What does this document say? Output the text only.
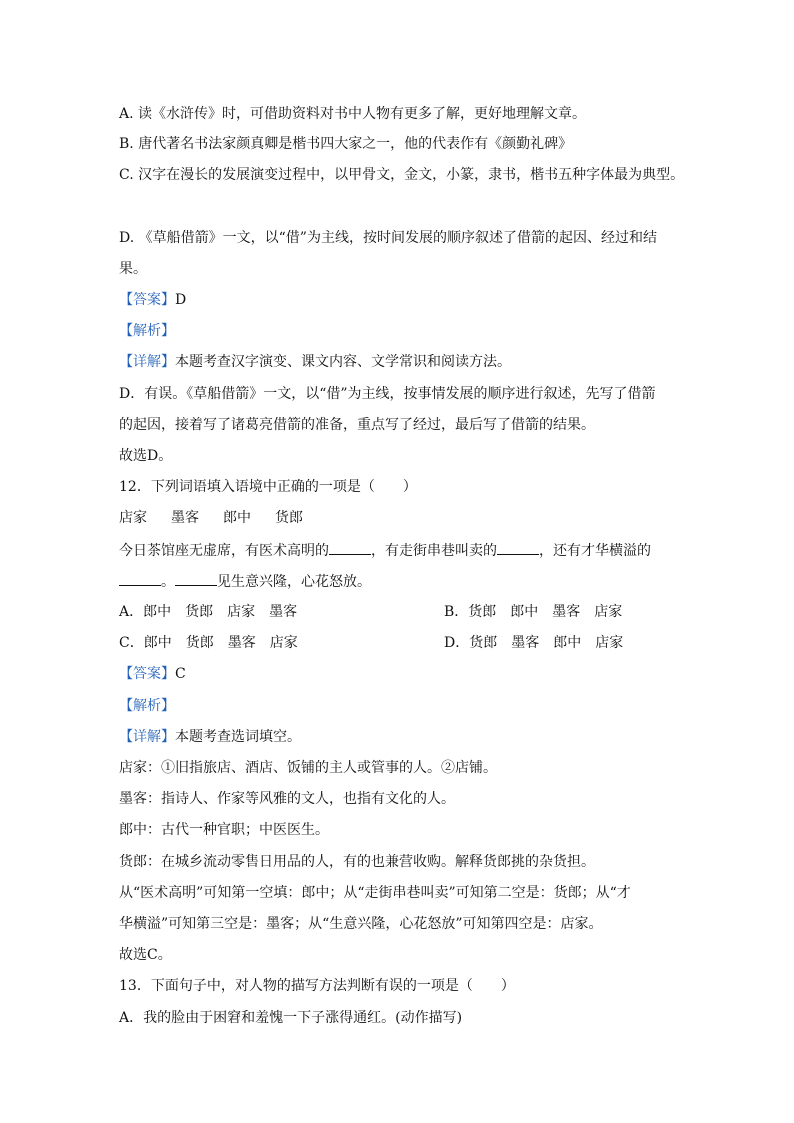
A. 读《水浒传》时，可借助资料对书中人物有更多了解，更好地理解文章。
B. 唐代著名书法家颜真卿是楷书四大家之一，他的代表作有《颜勤礼碑》
C. 汉字在漫长的发展演变过程中，以甲骨文，金文，小篆，隶书，楷书五种字体最为典型。
D. 《草船借箭》一文，以“借”为主线，按时间发展的顺序叙述了借箭的起因、经过和结
果。
【答案】D
【解析】
【详解】本题考查汉字演变、课文内容、文学常识和阅读方法。
D．有误。《草船借箭》一文，以“借”为主线，按事情发展的顺序进行叙述，先写了借箭
的起因，接着写了诸葛亮借箭的准备，重点写了经过，最后写了借箭的结果。
故选D。
12．下列词语填入语境中正确的一项是（　　）
店家 墨客 郎中 货郎
今日茶馆座无虚席，有医术高明的	，有走街串巷叫卖的	，还有才华横溢的
。	见生意兴隆，心花怒放。
A．郎中　货郎　店家　墨客	B．货郎　郎中　墨客　店家
C．郎中　货郎　墨客　店家	D．货郎　墨客　郎中　店家
【答案】C
【解析】
【详解】本题考查选词填空。
店家：①旧指旅店、酒店、饭铺的主人或管事的人。②店铺。
墨客：指诗人、作家等风雅的文人，也指有文化的人。
郎中：古代一种官职；中医医生。
货郎：在城乡流动零售日用品的人，有的也兼营收购。解释货郎挑的杂货担。
从“医术高明”可知第一空填：郎中；从“走街串巷叫卖”可知第二空是：货郎；从“才
华横溢”可知第三空是：墨客；从“生意兴隆，心花怒放”可知第四空是：店家。
故选C。
13．下面句子中，对人物的描写方法判断有误的一项是（　　）
A．我的脸由于困窘和羞愧一下子涨得通红。(动作描写)
